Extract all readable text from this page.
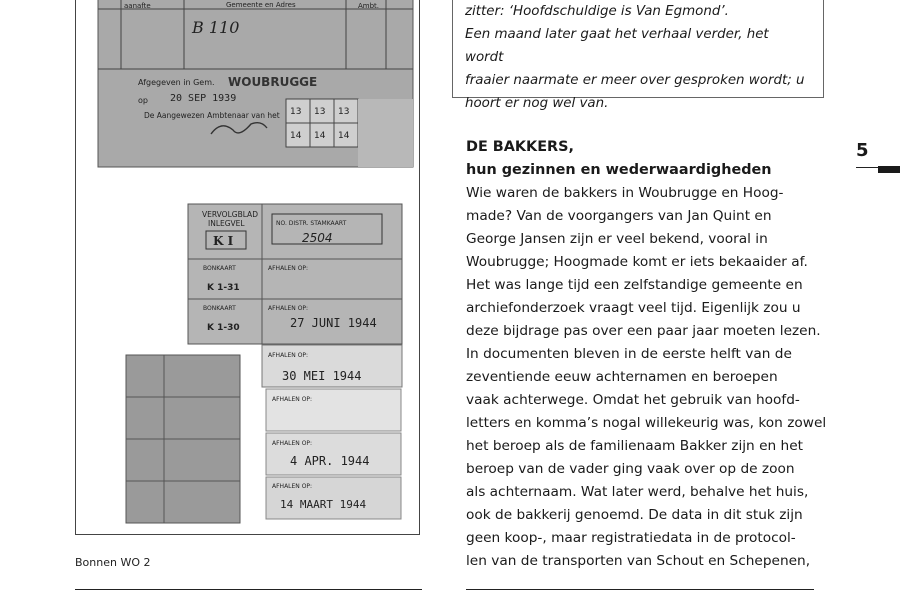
aanafte	Gemeente en Adres	Ambt.
B 110
Afgegeven in Gem. WOUBRUGGE
op 20 SEP 1939
De Aangewezen Ambtenaar van het 13 13 13
14 14 14
VERVOLGBLAD
INLEGVEL
K I
NO. DISTR. STAMKAART
2504
BONKAART
K 1-31
AFHALEN OP:
BONKAART
K 1-30
AFHALEN OP:
27 JUNI 1944
AFHALEN OP:
30 MEI 1944
AFHALEN OP:
AFHALEN OP:
4 APR. 1944
AFHALEN OP:
14 MAART 1944
Bonnen WO 2

zitter: ‘Hoofdschuldige is Van Egmond’.

Een maand later gaat het verhaal verder, het wordt

fraaier naarmate er meer over gesproken wordt; u

hoort er nog wel van.

DE BAKKERS,
hun gezinnen en wederwaardigheden

Wie waren de bakkers in Woubrugge en Hoog-
made? Van de voorgangers van Jan Quint en
George Jansen zijn er veel bekend, vooral in
Woubrugge; Hoogmade komt er iets bekaaider af.
Het was lange tijd een zelfstandige gemeente en
archiefonderzoek vraagt veel tijd. Eigenlijk zou u
deze bijdrage pas over een paar jaar moeten lezen.
In documenten bleven in de eerste helft van de
zeventiende eeuw achternamen en beroepen
vaak achterwege. Omdat het gebruik van hoofd-
letters en komma’s nogal willekeurig was, kon zowel
het beroep als de familienaam Bakker zijn en het
beroep van de vader ging vaak over op de zoon
als achternaam. Wat later werd, behalve het huis,
ook de bakkerij genoemd. De data in dit stuk zijn
geen koop-, maar registratiedata in de protocol-
len van de transporten van Schout en Schepenen,

5
